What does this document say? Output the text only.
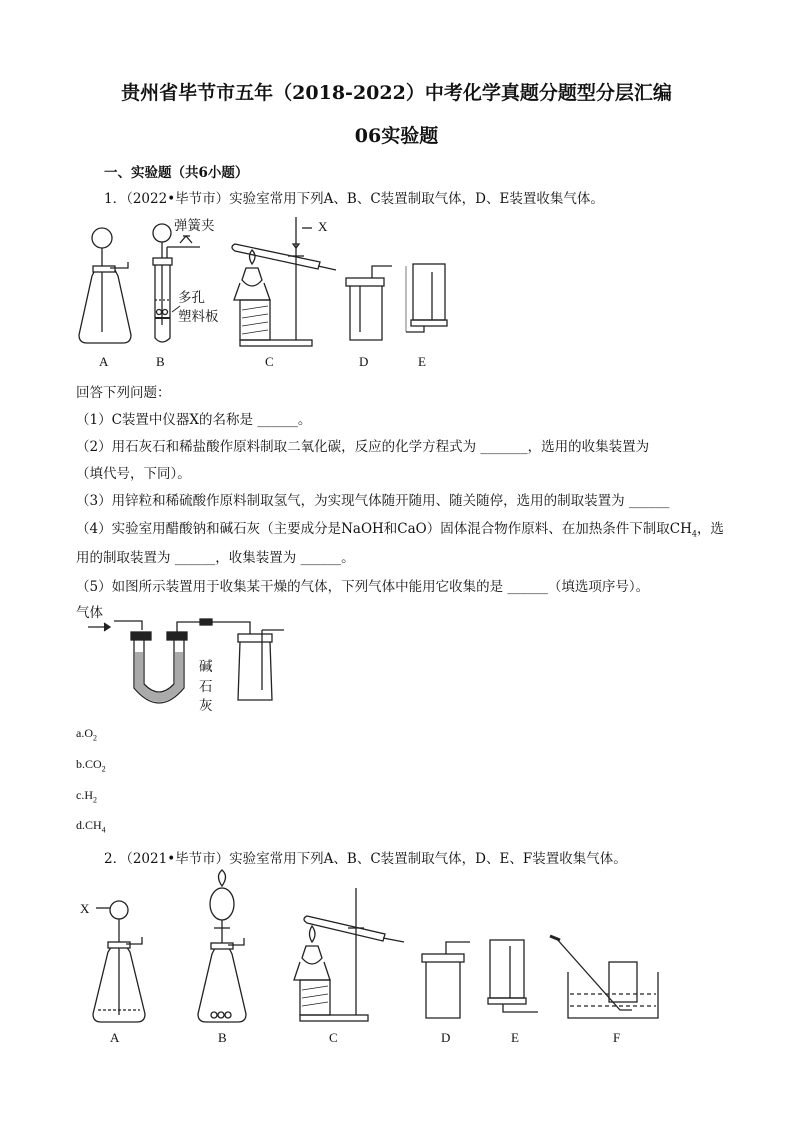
贵州省毕节市五年（2018-2022）中考化学真题分题型分层汇编
06实验题
一、实验题（共6小题）
1．（2022•毕节市）实验室常用下列A、B、C装置制取气体，D、E装置收集气体。
A	B	C	D	E
X
弹簧夹
多孔
塑料板
回答下列问题：
（1）C装置中仪器X的名称是 ______。
（2）用石灰石和稀盐酸作原料制取二氧化碳，反应的化学方程式为 _______，选用的收集装置为
（填代号，下同）。
（3）用锌粒和稀硫酸作原料制取氢气，为实现气体随开随用、随关随停，选用的制取装置为 ______
（4）实验室用醋酸钠和碱石灰（主要成分是NaOH和CaO）固体混合物作原料、在加热条件下制取$CH_4$，选
用的制取装置为 ______，收集装置为 ______。
（5）如图所示装置用于收集某干燥的气体，下列气体中能用它收集的是 ______（填选项序号）。
气体
碱
石
灰
$a.O_2$
$b.CO_2$
$c.H_2$
$d.CH_4$
2．（2021•毕节市）实验室常用下列A、B、C装置制取气体，D、E、F装置收集气体。
X
A	B	C	D	E	F
